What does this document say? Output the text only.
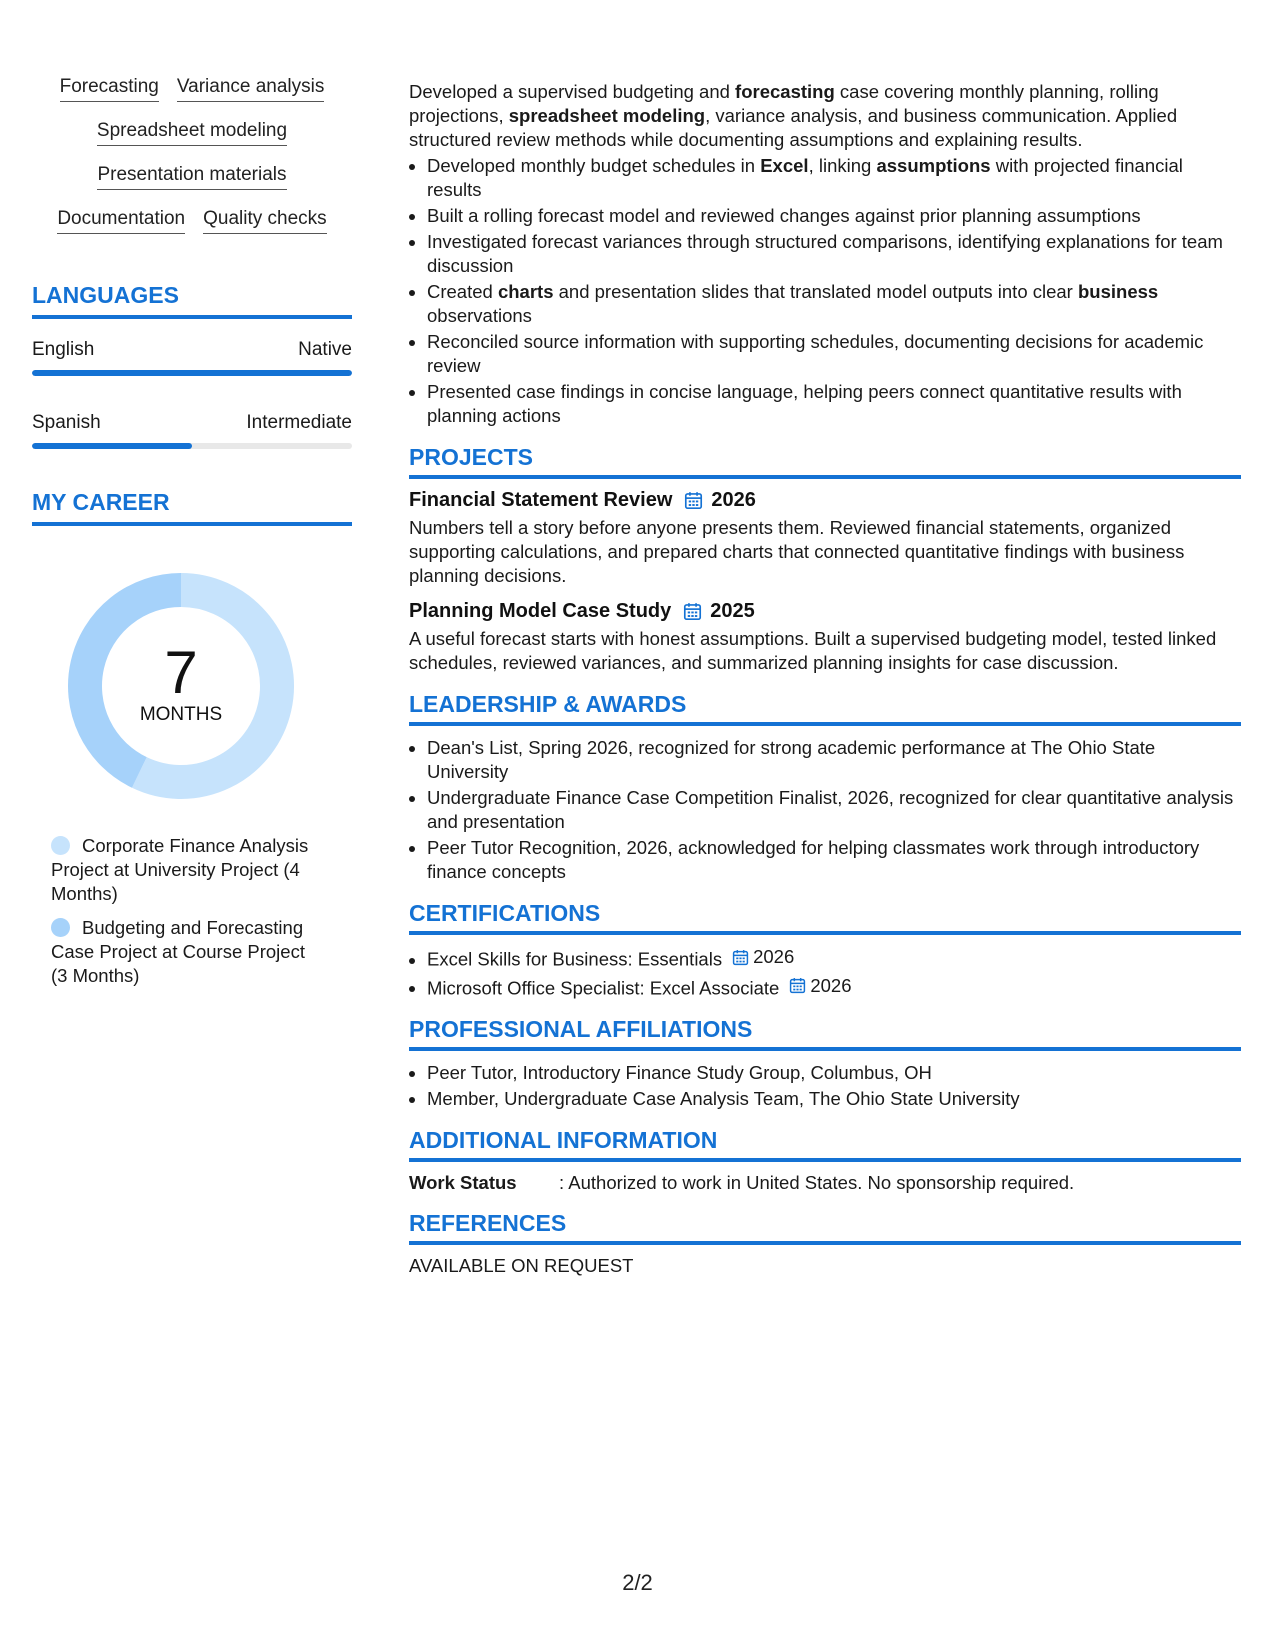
Forecasting Variance analysis
Spreadsheet modeling
Presentation materials
Documentation Quality checks
LANGUAGES
English	Native
Spanish	Intermediate
MY CAREER
7
MONTHS
Corporate Finance Analysis Project at University Project (4 Months)
Budgeting and Forecasting Case Project at Course Project (3 Months)

Developed a supervised budgeting and forecasting case covering monthly planning, rolling projections, spreadsheet modeling, variance analysis, and business communication. Applied structured review methods while documenting assumptions and explaining results.

• Developed monthly budget schedules in Excel, linking assumptions with projected financial results
• Built a rolling forecast model and reviewed changes against prior planning assumptions
• Investigated forecast variances through structured comparisons, identifying explanations for team discussion
• Created charts and presentation slides that translated model outputs into clear business observations
• Reconciled source information with supporting schedules, documenting decisions for academic review
• Presented case findings in concise language, helping peers connect quantitative results with planning actions
PROJECTS
Financial Statement Review 2026

Numbers tell a story before anyone presents them. Reviewed financial statements, organized supporting calculations, and prepared charts that connected quantitative findings with business planning decisions.

Planning Model Case Study 2025

A useful forecast starts with honest assumptions. Built a supervised budgeting model, tested linked schedules, reviewed variances, and summarized planning insights for case discussion.

LEADERSHIP & AWARDS
• Dean's List, Spring 2026, recognized for strong academic performance at The Ohio State University
• Undergraduate Finance Case Competition Finalist, 2026, recognized for clear quantitative analysis and presentation
• Peer Tutor Recognition, 2026, acknowledged for helping classmates work through introductory finance concepts
CERTIFICATIONS
• Excel Skills for Business: Essentials 2026
• Microsoft Office Specialist: Excel Associate 2026
PROFESSIONAL AFFILIATIONS
• Peer Tutor, Introductory Finance Study Group, Columbus, OH
• Member, Undergraduate Case Analysis Team, The Ohio State University
ADDITIONAL INFORMATION
Work Status	: Authorized to work in United States. No sponsorship required.
REFERENCES
AVAILABLE ON REQUEST
2/2
